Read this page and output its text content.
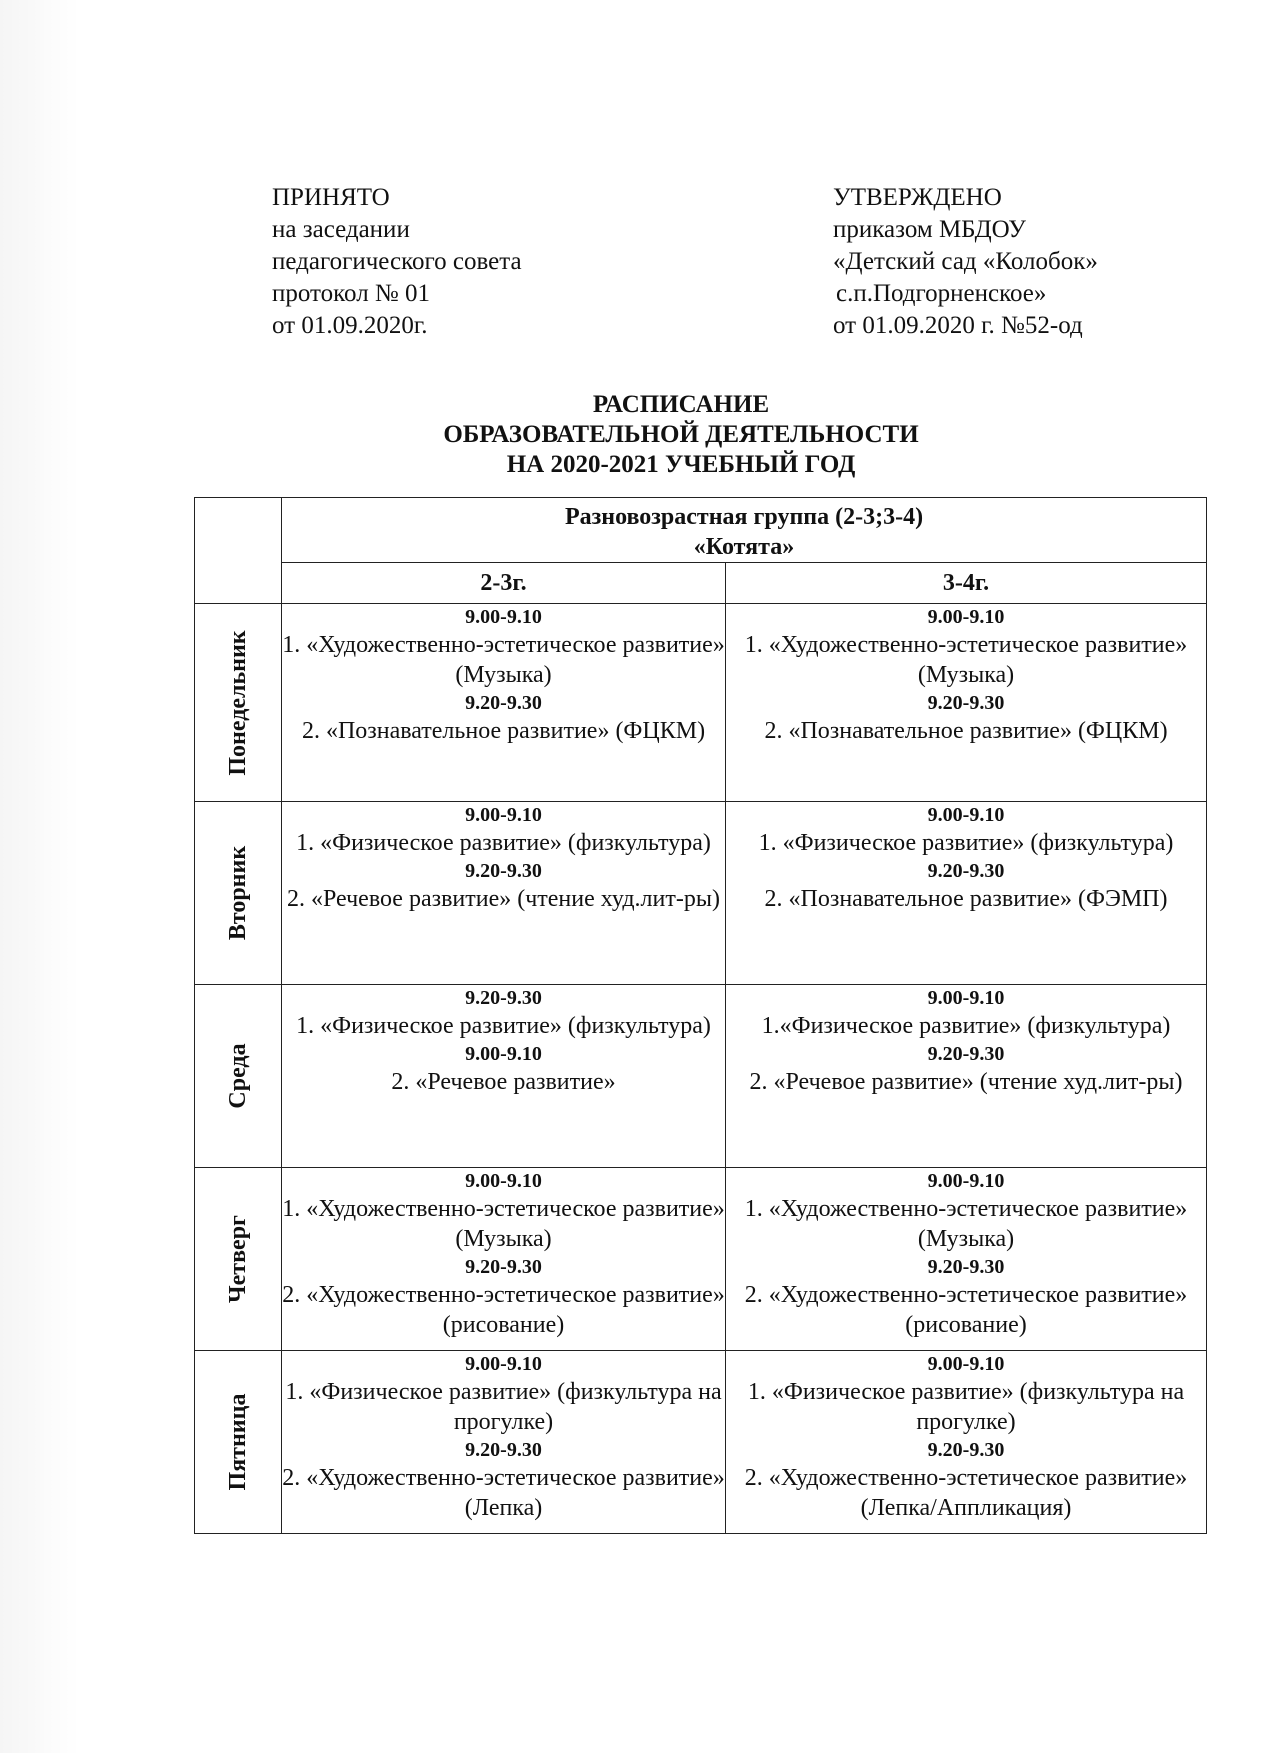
ПРИНЯТО
на заседании
педагогического совета
протокол № 01
от 01.09.2020г.
УТВЕРЖДЕНО
приказом МБДОУ
«Детский сад «Колобок»
с.п.Подгорненское»
от 01.09.2020 г. №52-од
РАСПИСАНИЕ
ОБРАЗОВАТЕЛЬНОЙ ДЕЯТЕЛЬНОСТИ
НА 2020-2021 УЧЕБНЫЙ ГОД

	Разновозрастная группа (2-3;3-4)
«Котята»	

	2-3г.	3-4г.

Понедельник	9.00-9.10
1. «Художественно-эстетическое развитие» (Музыка)
9.20-9.30
2. «Познавательное развитие» (ФЦКМ)	9.00-9.10
1. «Художественно-эстетическое развитие» (Музыка)
9.20-9.30
2. «Познавательное развитие» (ФЦКМ)

Вторник	9.00-9.10
1. «Физическое развитие» (физкультура)
9.20-9.30
2. «Речевое развитие» (чтение худ.лит-ры)	9.00-9.10
1. «Физическое развитие» (физкультура)
9.20-9.30
2. «Познавательное развитие» (ФЭМП)

Среда	9.20-9.30
1. «Физическое развитие» (физкультура)
9.00-9.10
2. «Речевое развитие»	9.00-9.10
1.«Физическое развитие» (физкультура)
9.20-9.30
2. «Речевое развитие» (чтение худ.лит-ры)

Четверг	9.00-9.10
1. «Художественно-эстетическое развитие» (Музыка)
9.20-9.30
2. «Художественно-эстетическое развитие» (рисование)	9.00-9.10
1. «Художественно-эстетическое развитие» (Музыка)
9.20-9.30
2. «Художественно-эстетическое развитие» (рисование)

Пятница	9.00-9.10
1. «Физическое развитие» (физкультура на прогулке)
9.20-9.30
2. «Художественно-эстетическое развитие» (Лепка)	9.00-9.10
1. «Физическое развитие» (физкультура на прогулке)
9.20-9.30
2. «Художественно-эстетическое развитие» (Лепка/Аппликация)
